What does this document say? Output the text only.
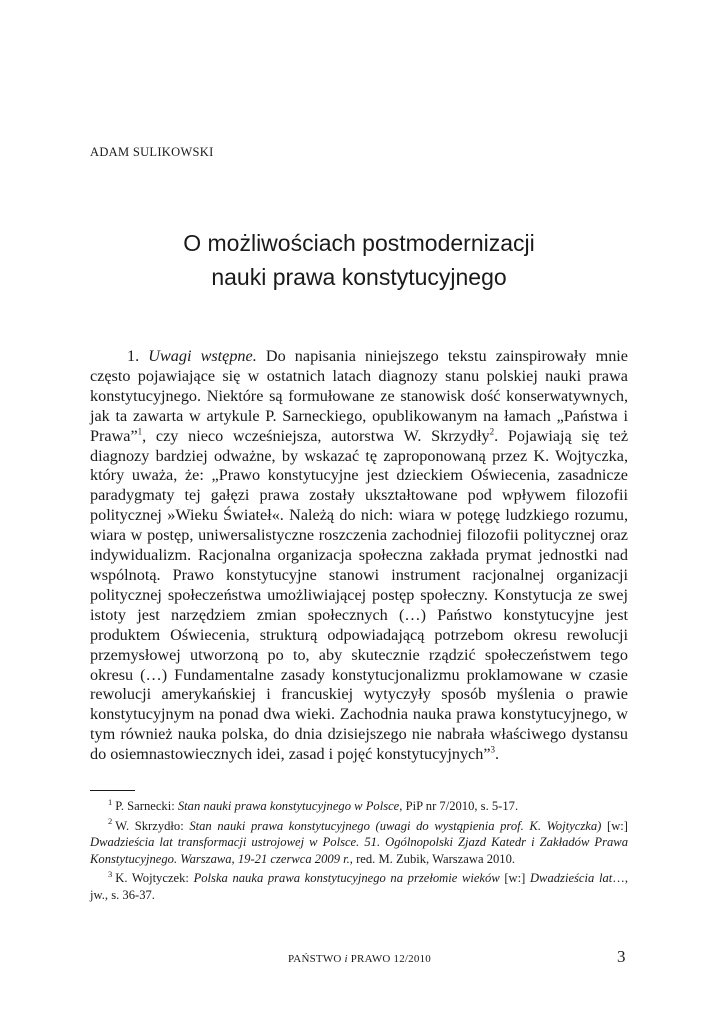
ADAM SULIKOWSKI
O możliwościach postmodernizacji
nauki prawa konstytucyjnego

1. Uwagi wstępne. Do napisania niniejszego tekstu zainspirowały mnie często pojawiające się w ostatnich latach diagnozy stanu polskiej nauki prawa konstytucyjnego. Niektóre są formułowane ze stanowisk dość konserwatywnych, jak ta zawarta w artykule P. Sarneckiego, opublikowanym na łamach „Państwa i Prawa”$^1$, czy nieco wcześniejsza, autorstwa W. Skrzydły$^2$. Pojawiają się też diagnozy bardziej odważne, by wskazać tę zaproponowaną przez K. Wojtyczka, który uważa, że: „Prawo konstytucyjne jest dzieckiem Oświecenia, zasadnicze paradygmaty tej gałęzi prawa zostały ukształtowane pod wpływem filozofii politycznej »Wieku Świateł«. Należą do nich: wiara w potęgę ludzkiego rozumu, wiara w postęp, uniwersalistyczne roszczenia zachodniej filozofii politycznej oraz indywidualizm. Racjonalna organizacja społeczna zakłada prymat jednostki nad wspólnotą. Prawo konstytucyjne stanowi instrument racjonalnej organizacji politycznej społeczeństwa umożliwiającej postęp społeczny. Konstytucja ze swej istoty jest narzędziem zmian społecznych (…) Państwo konstytucyjne jest produktem Oświecenia, strukturą odpowiadającą potrzebom okresu rewolucji przemysłowej utworzoną po to, aby skutecznie rządzić społeczeństwem tego okresu (…) Fundamentalne zasady konstytucjonalizmu proklamowane w czasie rewolucji amerykańskiej i francuskiej wytyczyły sposób myślenia o prawie konstytucyjnym na ponad dwa wieki. Zachodnia nauka prawa konstytucyjnego, w tym również nauka polska, do dnia dzisiejszego nie nabrała właściwego dystansu do osiemnastowiecznych idei, zasad i pojęć konstytucyjnych”$^3$.

$^1$ P. Sarnecki: Stan nauki prawa konstytucyjnego w Polsce, PiP nr 7/2010, s. 5-17.

$^2$ W. Skrzydło: Stan nauki prawa konstytucyjnego (uwagi do wystąpienia prof. K. Wojtyczka) [w:] Dwadzieścia lat transformacji ustrojowej w Polsce. 51. Ogólnopolski Zjazd Katedr i Zakładów Prawa Konstytucyjnego. Warszawa, 19-21 czerwca 2009 r., red. M. Zubik, Warszawa 2010.

$^3$ K. Wojtyczek: Polska nauka prawa konstytucyjnego na przełomie wieków [w:] Dwadzieścia lat…, jw., s. 36-37.

PAŃSTWO i PRAWO 12/2010	3
